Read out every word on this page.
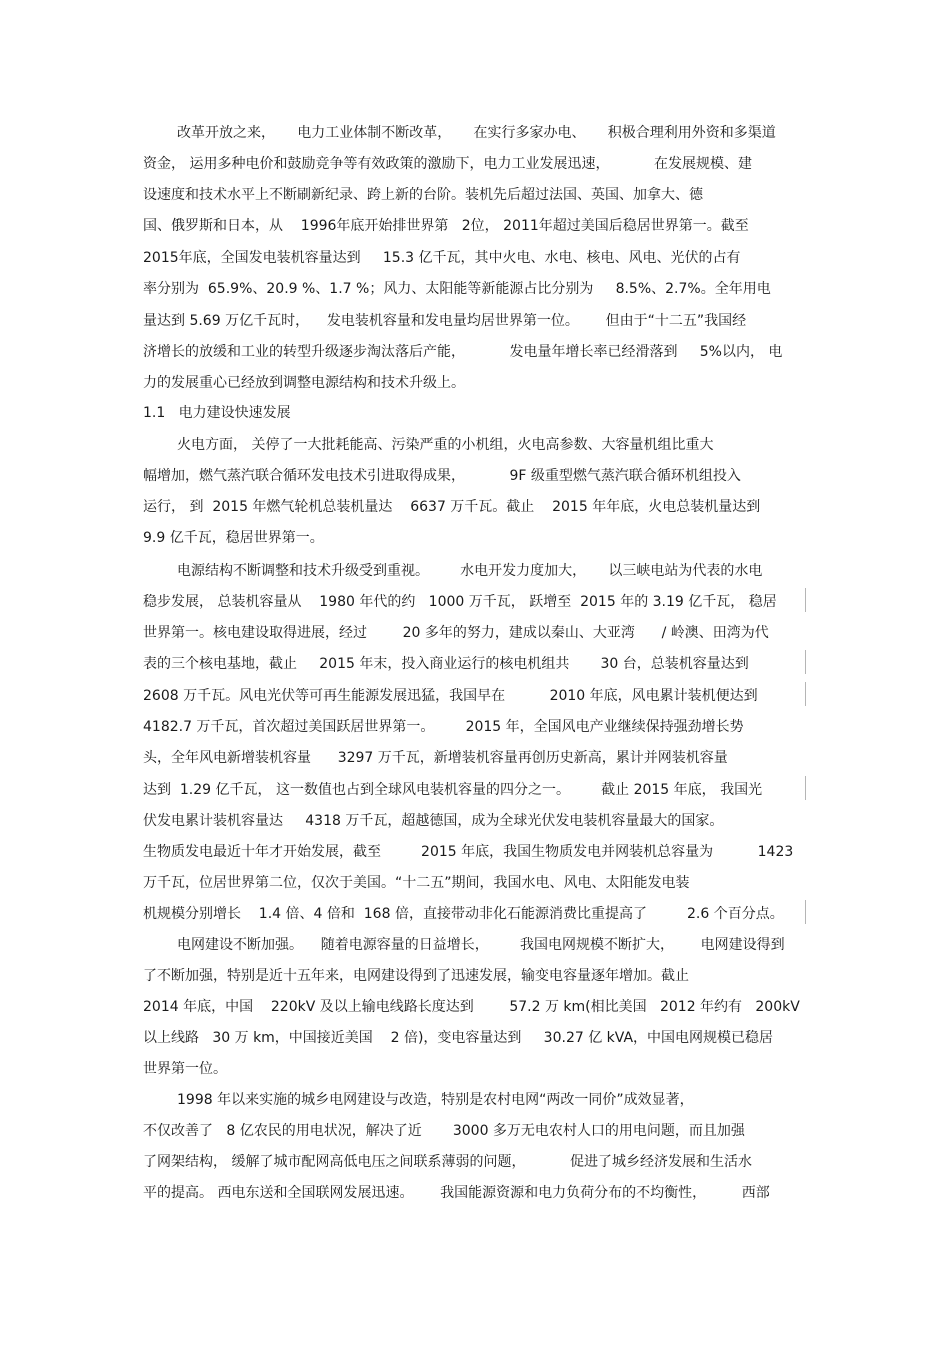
改革开放之来，     电力工业体制不断改革，     在实行多家办电、     积极合理利用外资和多渠道
资金， 运用多种电价和鼓励竞争等有效政策的激励下，电力工业发展迅速，          在发展规模、建
设速度和技术水平上不断刷新纪录、跨上新的台阶。装机先后超过法国、英国、加拿大、德
国、俄罗斯和日本，从    1996年底开始排世界第   2位， 2011年超过美国后稳居世界第一。截至
2015年底，全国发电装机容量达到     15.3 亿千瓦，其中火电、水电、核电、风电、光伏的占有
率分别为  65.9%、20.9 %、1.7 %；风力、太阳能等新能源占比分别为     8.5%、2.7%。全年用电
量达到 5.69 万亿千瓦时，    发电装机容量和发电量均居世界第一位。      但由于“十二五”我国经
济增长的放缓和工业的转型升级逐步淘汰落后产能，          发电量年增长率已经滑落到     5%以内， 电
力的发展重心已经放到调整电源结构和技术升级上。
1.1   电力建设快速发展
火电方面， 关停了一大批耗能高、污染严重的小机组，火电高参数、大容量机组比重大
幅增加，燃气蒸汽联合循环发电技术引进取得成果，          9F 级重型燃气蒸汽联合循环机组投入
运行， 到  2015 年燃气轮机总装机量达    6637 万千瓦。截止    2015 年年底，火电总装机量达到
9.9 亿千瓦，稳居世界第一。
电源结构不断调整和技术升级受到重视。       水电开发力度加大，     以三峡电站为代表的水电
稳步发展， 总装机容量从    1980 年代的约   1000 万千瓦， 跃增至  2015 年的 3.19 亿千瓦， 稳居
世界第一。核电建设取得进展，经过        20 多年的努力，建成以秦山、大亚湾      / 岭澳、田湾为代
表的三个核电基地，截止     2015 年末，投入商业运行的核电机组共       30 台，总装机容量达到
2608 万千瓦。风电光伏等可再生能源发展迅猛，我国早在          2010 年底，风电累计装机便达到
4182.7 万千瓦，首次超过美国跃居世界第一。       2015 年，全国风电产业继续保持强劲增长势
头，全年风电新增装机容量      3297 万千瓦，新增装机容量再创历史新高，累计并网装机容量
达到  1.29 亿千瓦， 这一数值也占到全球风电装机容量的四分之一。       截止 2015 年底， 我国光
伏发电累计装机容量达     4318 万千瓦，超越德国，成为全球光伏发电装机容量最大的国家。
生物质发电最近十年才开始发展，截至         2015 年底，我国生物质发电并网装机总容量为          1423
万千瓦，位居世界第二位，仅次于美国。“十二五”期间，我国水电、风电、太阳能发电装
机规模分别增长    1.4 倍、4 倍和  168 倍，直接带动非化石能源消费比重提高了         2.6 个百分点。
电网建设不断加强。    随着电源容量的日益增长，       我国电网规模不断扩大，      电网建设得到
了不断加强，特别是近十五年来，电网建设得到了迅速发展，输变电容量逐年增加。截止
2014 年底，中国    220kV 及以上输电线路长度达到        57.2 万 km(相比美国   2012 年约有   200kV
以上线路   30 万 km，中国接近美国    2 倍)，变电容量达到     30.27 亿 kVA，中国电网规模已稳居
世界第一位。
1998 年以来实施的城乡电网建设与改造，特别是农村电网“两改一同价”成效显著，
不仅改善了   8 亿农民的用电状况，解决了近       3000 多万无电农村人口的用电问题，而且加强
了网架结构， 缓解了城市配网高低电压之间联系薄弱的问题，          促进了城乡经济发展和生活水
平的提高。 西电东送和全国联网发展迅速。      我国能源资源和电力负荷分布的不均衡性，        西部
